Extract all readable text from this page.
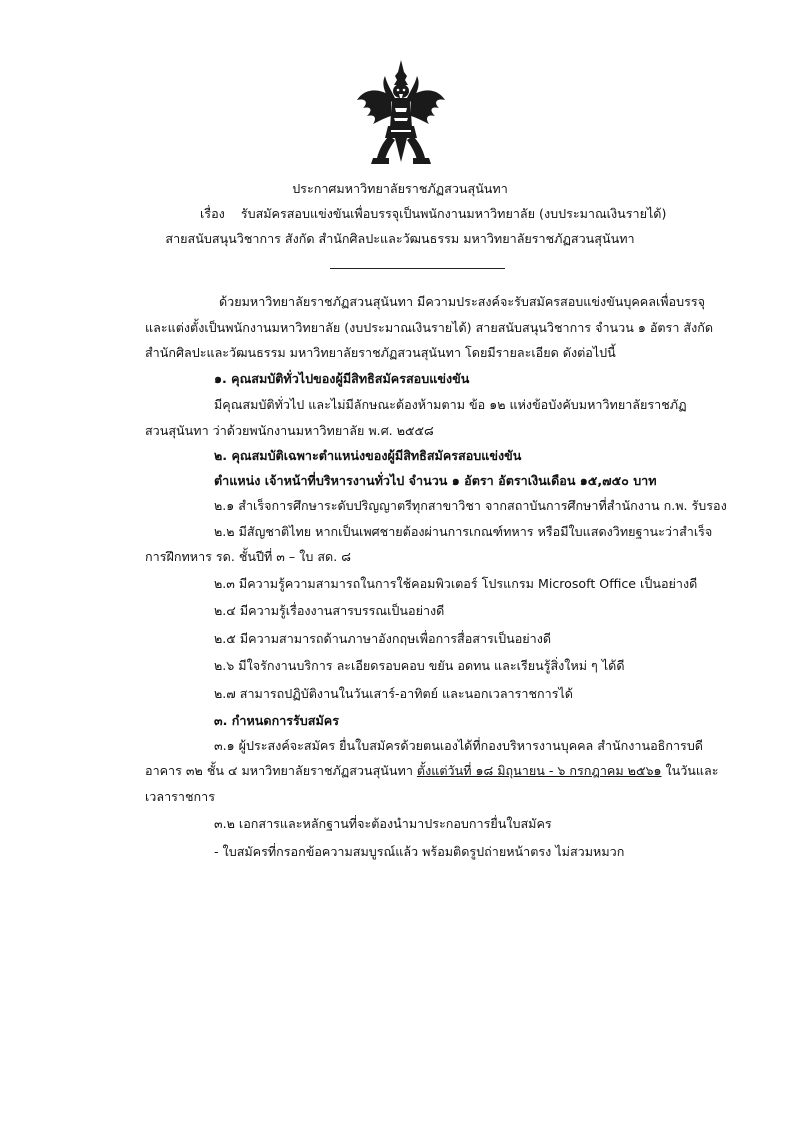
ประกาศมหาวิทยาลัยราชภัฏสวนสุนันทา
เรื่อง รับสมัครสอบแข่งขันเพื่อบรรจุเป็นพนักงานมหาวิทยาลัย (งบประมาณเงินรายได้)
สายสนับสนุนวิชาการ สังกัด สำนักศิลปะและวัฒนธรรม มหาวิทยาลัยราชภัฏสวนสุนันทา
ด้วยมหาวิทยาลัยราชภัฏสวนสุนันทา มีความประสงค์จะรับสมัครสอบแข่งขันบุคคลเพื่อบรรจุ
และแต่งตั้งเป็นพนักงานมหาวิทยาลัย (งบประมาณเงินรายได้) สายสนับสนุนวิชาการ จำนวน ๑ อัตรา สังกัด
สำนักศิลปะและวัฒนธรรม มหาวิทยาลัยราชภัฏสวนสุนันทา โดยมีรายละเอียด ดังต่อไปนี้
๑. คุณสมบัติทั่วไปของผู้มีสิทธิสมัครสอบแข่งขัน
มีคุณสมบัติทั่วไป และไม่มีลักษณะต้องห้ามตาม ข้อ ๑๒ แห่งข้อบังคับมหาวิทยาลัยราชภัฏ
สวนสุนันทา ว่าด้วยพนักงานมหาวิทยาลัย พ.ศ. ๒๕๕๘
๒. คุณสมบัติเฉพาะตำแหน่งของผู้มีสิทธิสมัครสอบแข่งขัน
ตำแหน่ง เจ้าหน้าที่บริหารงานทั่วไป จำนวน ๑ อัตรา อัตราเงินเดือน ๑๕,๗๕๐ บาท
๒.๑ สำเร็จการศึกษาระดับปริญญาตรีทุกสาขาวิชา จากสถาบันการศึกษาที่สำนักงาน ก.พ. รับรอง
๒.๒ มีสัญชาติไทย หากเป็นเพศชายต้องผ่านการเกณฑ์ทหาร หรือมีใบแสดงวิทยฐานะว่าสำเร็จ
การฝึกทหาร รด. ชั้นปีที่ ๓ – ใบ สด. ๘
๒.๓ มีความรู้ความสามารถในการใช้คอมพิวเตอร์ โปรแกรม Microsoft Office เป็นอย่างดี
๒.๔ มีความรู้เรื่องงานสารบรรณเป็นอย่างดี
๒.๕ มีความสามารถด้านภาษาอังกฤษเพื่อการสื่อสารเป็นอย่างดี
๒.๖ มีใจรักงานบริการ ละเอียดรอบคอบ ขยัน อดทน และเรียนรู้สิ่งใหม่ ๆ ได้ดี
๒.๗ สามารถปฏิบัติงานในวันเสาร์-อาทิตย์ และนอกเวลาราชการได้
๓. กำหนดการรับสมัคร
๓.๑ ผู้ประสงค์จะสมัคร ยื่นใบสมัครด้วยตนเองได้ที่กองบริหารงานบุคคล สำนักงานอธิการบดี
อาคาร ๓๒ ชั้น ๔ มหาวิทยาลัยราชภัฏสวนสุนันทา ตั้งแต่วันที่ ๑๘ มิถุนายน - ๖ กรกฎาคม ๒๕๖๑ ในวันและ
เวลาราชการ
๓.๒ เอกสารและหลักฐานที่จะต้องนำมาประกอบการยื่นใบสมัคร
- ใบสมัครที่กรอกข้อความสมบูรณ์แล้ว พร้อมติดรูปถ่ายหน้าตรง ไม่สวมหมวก
